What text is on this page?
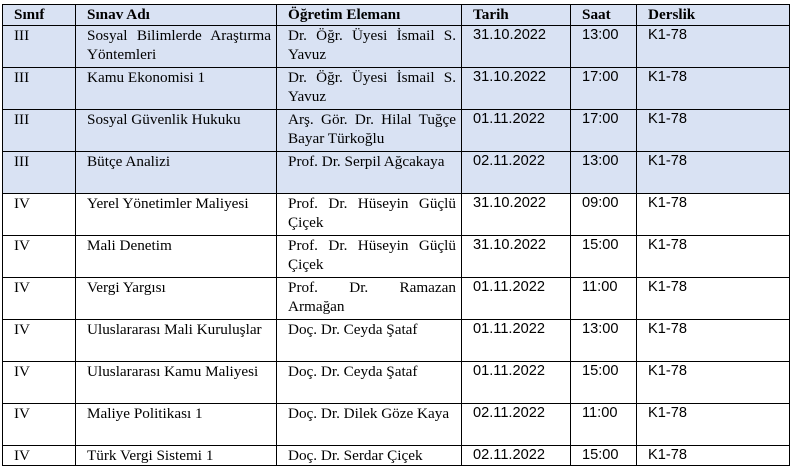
Sınıf	Sınav Adı	Öğretim Elemanı	Tarih	Saat	Derslik
III	Sosyal Bilimlerde Araştırma Yöntemleri	Dr. Öğr. Üyesi İsmail S. Yavuz	31.10.2022	13:00	K1-78
III	Kamu Ekonomisi 1	Dr. Öğr. Üyesi İsmail S. Yavuz	31.10.2022	17:00	K1-78
III	Sosyal Güvenlik Hukuku	Arş. Gör. Dr. Hilal Tuğçe Bayar Türkoğlu	01.11.2022	17:00	K1-78
III	Bütçe Analizi	Prof. Dr. Serpil Ağcakaya	02.11.2022	13:00	K1-78
IV	Yerel Yönetimler Maliyesi	Prof. Dr. Hüseyin Güçlü Çiçek	31.10.2022	09:00	K1-78
IV	Mali Denetim	Prof. Dr. Hüseyin Güçlü Çiçek	31.10.2022	15:00	K1-78
IV	Vergi Yargısı	Prof. Dr. Ramazan Armağan	01.11.2022	11:00	K1-78
IV	Uluslararası Mali Kuruluşlar	Doç. Dr. Ceyda Şataf	01.11.2022	13:00	K1-78
IV	Uluslararası Kamu Maliyesi	Doç. Dr. Ceyda Şataf	01.11.2022	15:00	K1-78
IV	Maliye Politikası 1	Doç. Dr. Dilek Göze Kaya	02.11.2022	11:00	K1-78
IV	Türk Vergi Sistemi 1	Doç. Dr. Serdar Çiçek	02.11.2022	15:00	K1-78
